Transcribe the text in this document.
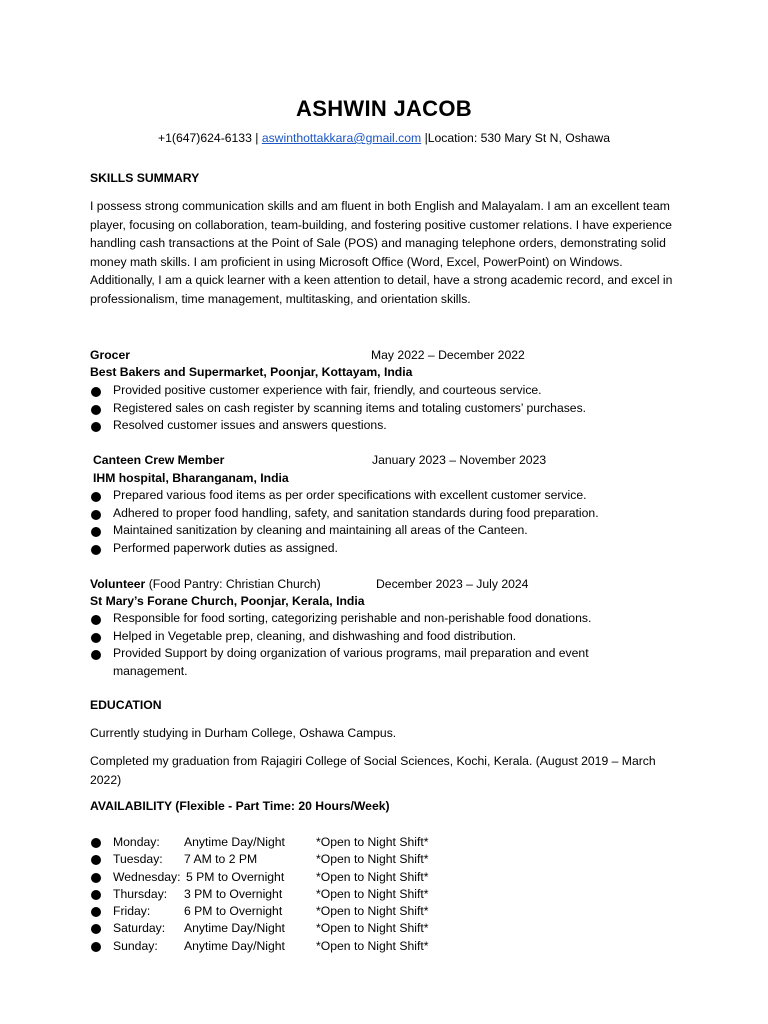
ASHWIN JACOB
+1(647)624-6133 | aswinthottakkara@gmail.com |Location: 530 Mary St N, Oshawa
SKILLS SUMMARY

I possess strong communication skills and am fluent in both English and Malayalam. I am an excellent team player, focusing on collaboration, team-building, and fostering positive customer relations. I have experience handling cash transactions at the Point of Sale (POS) and managing telephone orders, demonstrating solid money math skills. I am proficient in using Microsoft Office (Word, Excel, PowerPoint) on Windows. Additionally, I am a quick learner with a keen attention to detail, have a strong academic record, and excel in professionalism, time management, multitasking, and orientation skills.

Grocer	May 2022 – December 2022
Best Bakers and Supermarket, Poonjar, Kottayam, India
Provided positive customer experience with fair, friendly, and courteous service.
Registered sales on cash register by scanning items and totaling customers’ purchases.
Resolved customer issues and answers questions.
Canteen Crew Member	January 2023 – November 2023
IHM hospital, Bharanganam, India
Prepared various food items as per order specifications with excellent customer service.
Adhered to proper food handling, safety, and sanitation standards during food preparation.
Maintained sanitization by cleaning and maintaining all areas of the Canteen.
Performed paperwork duties as assigned.
Volunteer (Food Pantry: Christian Church)	December 2023 – July 2024
St Mary’s Forane Church, Poonjar, Kerala, India
Responsible for food sorting, categorizing perishable and non-perishable food donations.
Helped in Vegetable prep, cleaning, and dishwashing and food distribution.
Provided Support by doing organization of various programs, mail preparation and event management.
EDUCATION
Currently studying in Durham College, Oshawa Campus.

Completed my graduation from Rajagiri College of Social Sciences, Kochi, Kerala. (August 2019 – March 2022)

AVAILABILITY (Flexible - Part Time: 20 Hours/Week)
Monday: Anytime Day/Night	*Open to Night Shift*
Tuesday: 7 AM to 2 PM	*Open to Night Shift*
Wednesday: 5 PM to Overnight	*Open to Night Shift*
Thursday: 3 PM to Overnight	*Open to Night Shift*
Friday:	6 PM to Overnight	*Open to Night Shift*
Saturday: Anytime Day/Night	*Open to Night Shift*
Sunday: Anytime Day/Night	*Open to Night Shift*
